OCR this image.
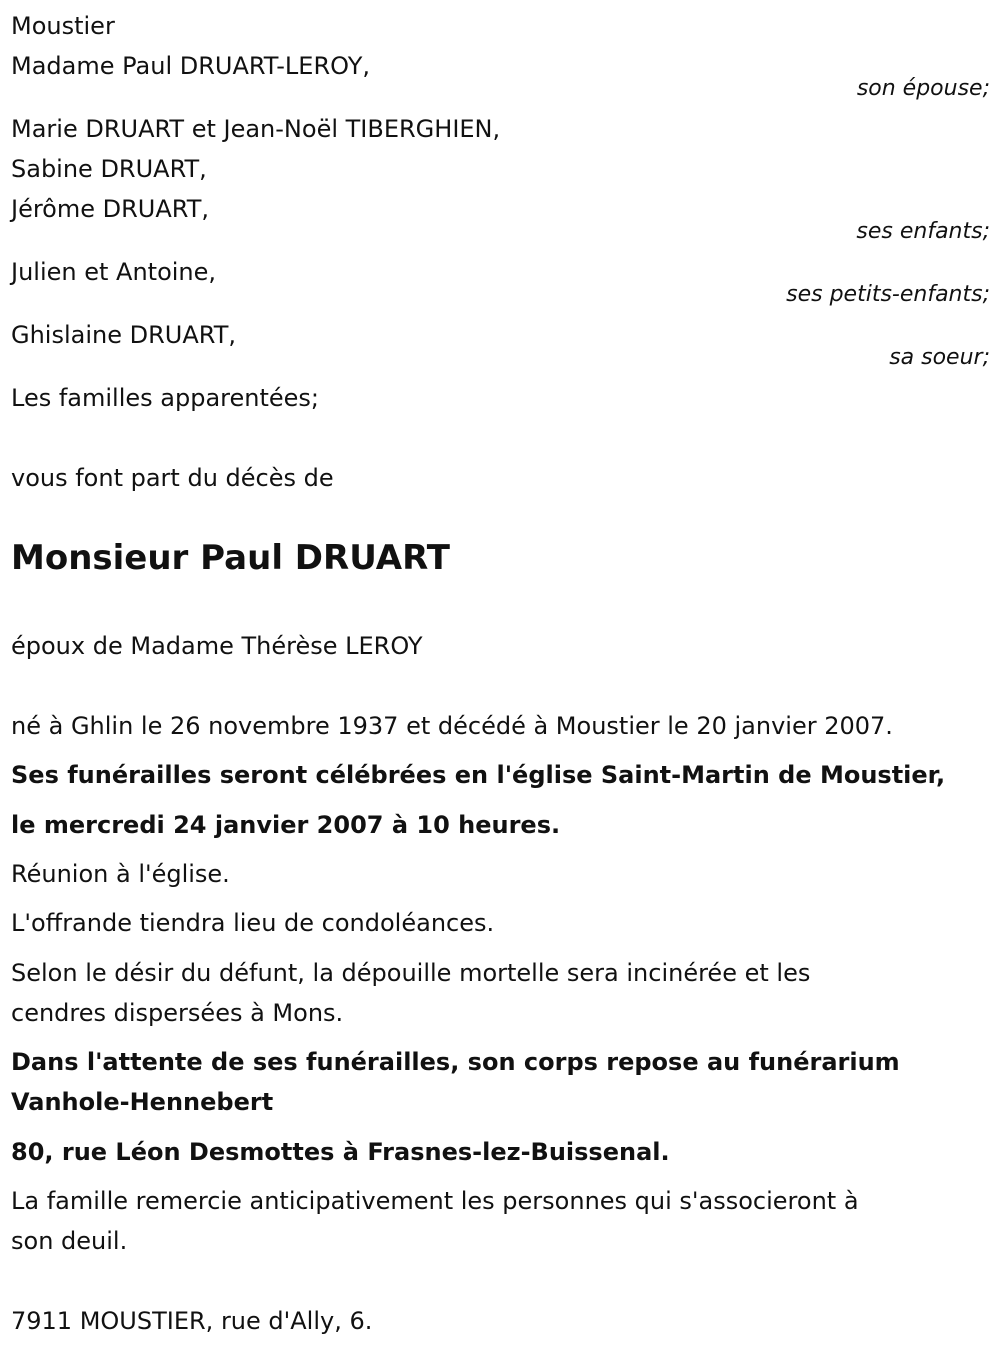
Moustier

Madame Paul DRUART-LEROY,

son épouse;

Marie DRUART et Jean-Noël TIBERGHIEN,

Sabine DRUART,

Jérôme DRUART,

ses enfants;

Julien et Antoine,

ses petits-enfants;

Ghislaine DRUART,

sa soeur;

Les familles apparentées;

vous font part du décès de

Monsieur Paul DRUART

époux de Madame Thérèse LEROY

né à Ghlin le 26 novembre 1937 et décédé à Moustier le 20 janvier 2007.

Ses funérailles seront célébrées en l'église Saint-Martin de Moustier,

le mercredi 24 janvier 2007 à 10 heures.

Réunion à l'église.

L'offrande tiendra lieu de condoléances.

Selon le désir du défunt, la dépouille mortelle sera incinérée et les

cendres dispersées à Mons.

Dans l'attente de ses funérailles, son corps repose au funérarium

Vanhole-Hennebert

80, rue Léon Desmottes à Frasnes-lez-Buissenal.

La famille remercie anticipativement les personnes qui s'associeront à

son deuil.

7911 MOUSTIER, rue d'Ally, 6.
